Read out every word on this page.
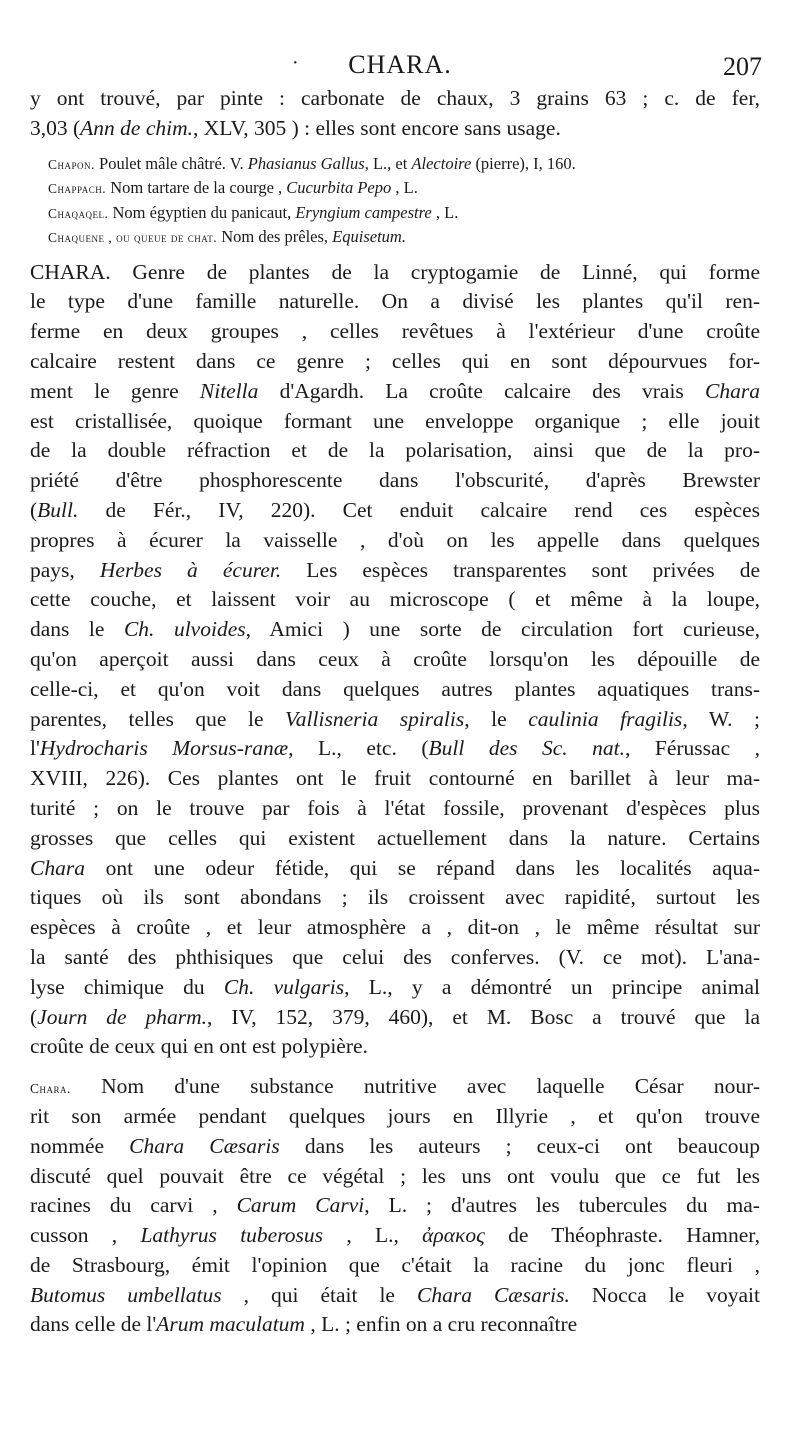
·	CHARA.	207
y ont trouvé, par pinte : carbonate de chaux, 3 grains 63 ; c. de fer,
3,03 (Ann de chim., XLV, 305 ) : elles sont encore sans usage.
Chapon. Poulet mâle châtré. V. Phasianus Gallus, L., et Alectoire (pierre), I, 160.
Chappach. Nom tartare de la courge , Cucurbita Pepo , L.
Chaqaqel. Nom égyptien du panicaut, Eryngium campestre , L.
Chaquene , ou queue de chat. Nom des prêles, Equisetum.
CHARA. Genre de plantes de la cryptogamie de Linné, qui forme
le type d'une famille naturelle. On a divisé les plantes qu'il ren-
ferme en deux groupes , celles revêtues à l'extérieur d'une croûte
calcaire restent dans ce genre ; celles qui en sont dépourvues for-
ment le genre Nitella d'Agardh. La croûte calcaire des vrais Chara
est cristallisée, quoique formant une enveloppe organique ; elle jouit
de la double réfraction et de la polarisation, ainsi que de la pro-
priété d'être phosphorescente dans l'obscurité, d'après Brewster
(Bull. de Fér., IV, 220). Cet enduit calcaire rend ces espèces
propres à écurer la vaisselle , d'où on les appelle dans quelques
pays, Herbes à écurer. Les espèces transparentes sont privées de
cette couche, et laissent voir au microscope ( et même à la loupe,
dans le Ch. ulvoides, Amici ) une sorte de circulation fort curieuse,
qu'on aperçoit aussi dans ceux à croûte lorsqu'on les dépouille de
celle-ci, et qu'on voit dans quelques autres plantes aquatiques trans-
parentes, telles que le Vallisneria spiralis, le caulinia fragilis, W. ;
l'Hydrocharis Morsus-ranæ, L., etc. (Bull des Sc. nat., Férussac ,
XVIII, 226). Ces plantes ont le fruit contourné en barillet à leur ma-
turité ; on le trouve par fois à l'état fossile, provenant d'espèces plus
grosses que celles qui existent actuellement dans la nature. Certains
Chara ont une odeur fétide, qui se répand dans les localités aqua-
tiques où ils sont abondans ; ils croissent avec rapidité, surtout les
espèces à croûte , et leur atmosphère a , dit-on , le même résultat sur
la santé des phthisiques que celui des conferves. (V. ce mot). L'ana-
lyse chimique du Ch. vulgaris, L., y a démontré un principe animal
(Journ de pharm., IV, 152, 379, 460), et M. Bosc a trouvé que la
croûte de ceux qui en ont est polypière.
Chara. Nom d'une substance nutritive avec laquelle César nour-
rit son armée pendant quelques jours en Illyrie , et qu'on trouve
nommée Chara Cæsaris dans les auteurs ; ceux-ci ont beaucoup
discuté quel pouvait être ce végétal ; les uns ont voulu que ce fut les
racines du carvi , Carum Carvi, L. ; d'autres les tubercules du ma-
cusson , Lathyrus tuberosus , L., ἀρακος de Théophraste. Hamner,
de Strasbourg, émit l'opinion que c'était la racine du jonc fleuri ,
Butomus umbellatus , qui était le Chara Cæsaris. Nocca le voyait
dans celle de l'Arum maculatum , L. ; enfin on a cru reconnaître
